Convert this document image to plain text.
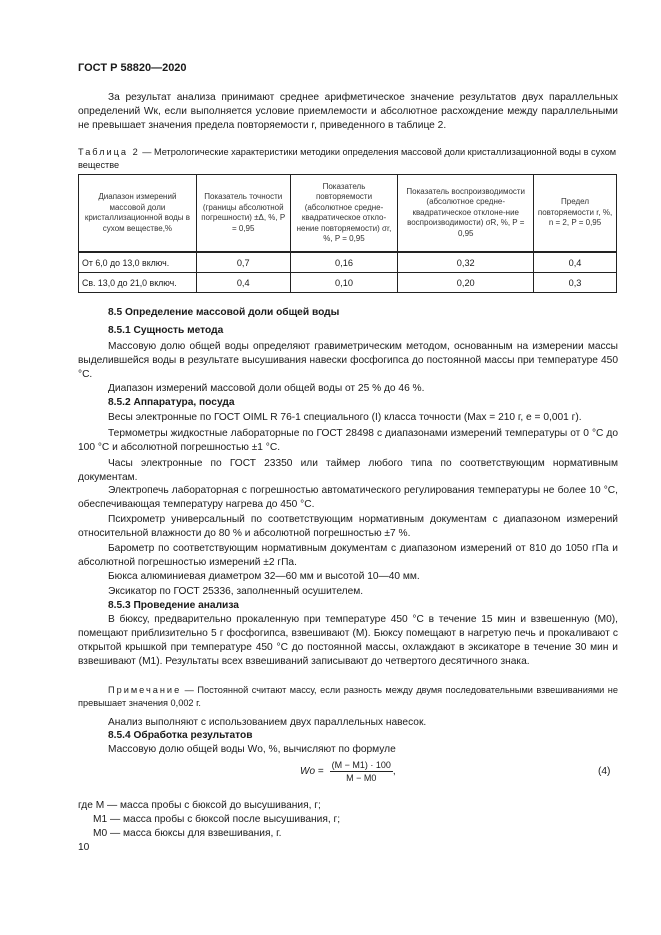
ГОСТ Р 58820—2020
За результат анализа принимают среднее арифметическое значение результатов двух параллельных определений Wк, если выполняется условие приемлемости и абсолютное расхождение между параллельными не превышает значения предела повторяемости r, приведенного в таблице 2.
Таблица 2 — Метрологические характеристики методики определения массовой доли кристаллизационной воды в сухом веществе
Диапазон измерений массовой доли кристаллизационной воды в сухом веществе,%	Показатель точности (границы абсолютной погрешности) ±Δ, %, P = 0,95	Показатель повторяемости (абсолютное средне-квадратическое откло-нение повторяемости) σr, %, P = 0,95	Показатель воспроизводимости (абсолютное средне-квадратическое отклоне-ние воспроизводимости) σR, %, P = 0,95	Предел повторяемости r, %, n = 2, P = 0,95
От 6,0 до 13,0 включ.	0,7	0,16	0,32	0,4
Св. 13,0 до 21,0 включ.	0,4	0,10	0,20	0,3
8.5 Определение массовой доли общей воды
8.5.1 Сущность метода
Массовую долю общей воды определяют гравиметрическим методом, основанным на измерении массы выделившейся воды в результате высушивания навески фосфогипса до постоянной массы при температуре 450 °С.
Диапазон измерений массовой доли общей воды от 25 % до 46 %.
8.5.2 Аппаратура, посуда
Весы электронные по ГОСТ OIML R 76-1 специального (I) класса точности (Max = 210 г, e = 0,001 г).
Термометры жидкостные лабораторные по ГОСТ 28498 с диапазонами измерений температуры от 0 °С до 100 °С и абсолютной погрешностью ±1 °С.
Часы электронные по ГОСТ 23350 или таймер любого типа по соответствующим нормативным документам.
Электропечь лабораторная с погрешностью автоматического регулирования температуры не более 10 °С, обеспечивающая температуру нагрева до 450 °С.
Психрометр универсальный по соответствующим нормативным документам с диапазоном измерений относительной влажности до 80 % и абсолютной погрешностью ±7 %.
Барометр по соответствующим нормативным документам с диапазоном измерений от 810 до 1050 гПа и абсолютной погрешностью измерений ±2 гПа.
Бюкса алюминиевая диаметром 32—60 мм и высотой 10—40 мм.
Эксикатор по ГОСТ 25336, заполненный осушителем.
8.5.3 Проведение анализа
В бюксу, предварительно прокаленную при температуре 450 °С в течение 15 мин и взвешенную (M0), помещают приблизительно 5 г фосфогипса, взвешивают (M). Бюксу помещают в нагретую печь и прокаливают с открытой крышкой при температуре 450 °С до постоянной массы, охлаждают в эксикаторе в течение 30 мин и взвешивают (M1). Результаты всех взвешиваний записывают до четвертого десятичного знака.
Примечание — Постоянной считают массу, если разность между двумя последовательными взвешиваниями не превышает значения 0,002 г.
Анализ выполняют с использованием двух параллельных навесок.
8.5.4 Обработка результатов
Массовую долю общей воды Wо, %, вычисляют по формуле
Wо = $\frac{(M - M1) \cdot 100}{M - M0}$ ,	(4)
где M — масса пробы с бюксой до высушивания, г;
M1 — масса пробы с бюксой после высушивания, г;
M0 — масса бюксы для взвешивания, г.
10
